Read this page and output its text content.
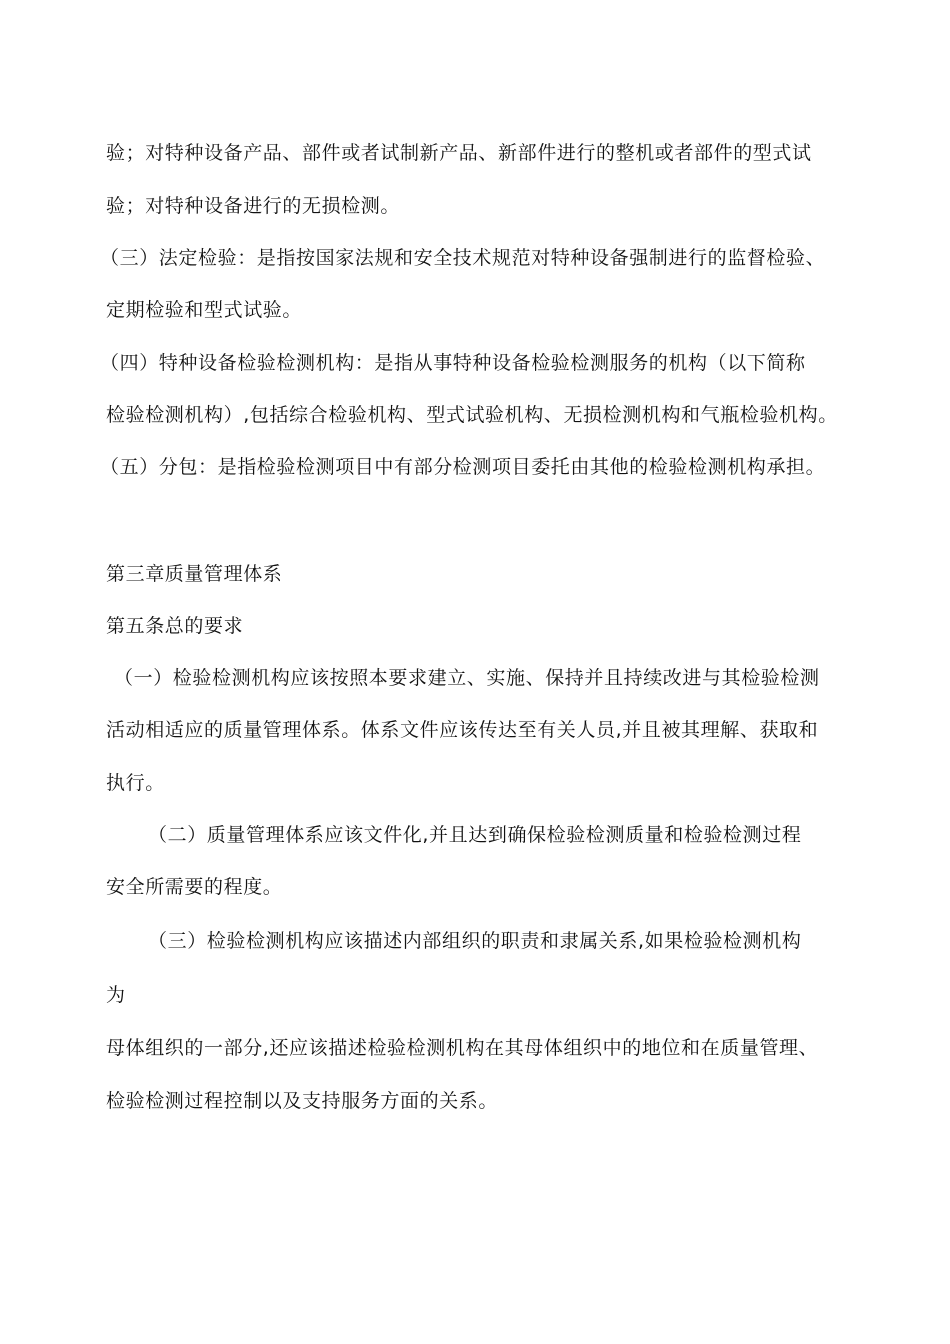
验；对特种设备产品、部件或者试制新产品、新部件进行的整机或者部件的型式试
验；对特种设备进行的无损检测。
（三）法定检验：是指按国家法规和安全技术规范对特种设备强制进行的监督检验、
定期检验和型式试验。
（四）特种设备检验检测机构：是指从事特种设备检验检测服务的机构（以下简称
检验检测机构）,包括综合检验机构、型式试验机构、无损检测机构和气瓶检验机构。
（五）分包：是指检验检测项目中有部分检测项目委托由其他的检验检测机构承担。
第三章质量管理体系
第五条总的要求
（一）检验检测机构应该按照本要求建立、实施、保持并且持续改进与其检验检测
活动相适应的质量管理体系。体系文件应该传达至有关人员,并且被其理解、获取和
执行。
（二）质量管理体系应该文件化,并且达到确保检验检测质量和检验检测过程
安全所需要的程度。
（三）检验检测机构应该描述内部组织的职责和隶属关系,如果检验检测机构
为
母体组织的一部分,还应该描述检验检测机构在其母体组织中的地位和在质量管理、
检验检测过程控制以及支持服务方面的关系。
